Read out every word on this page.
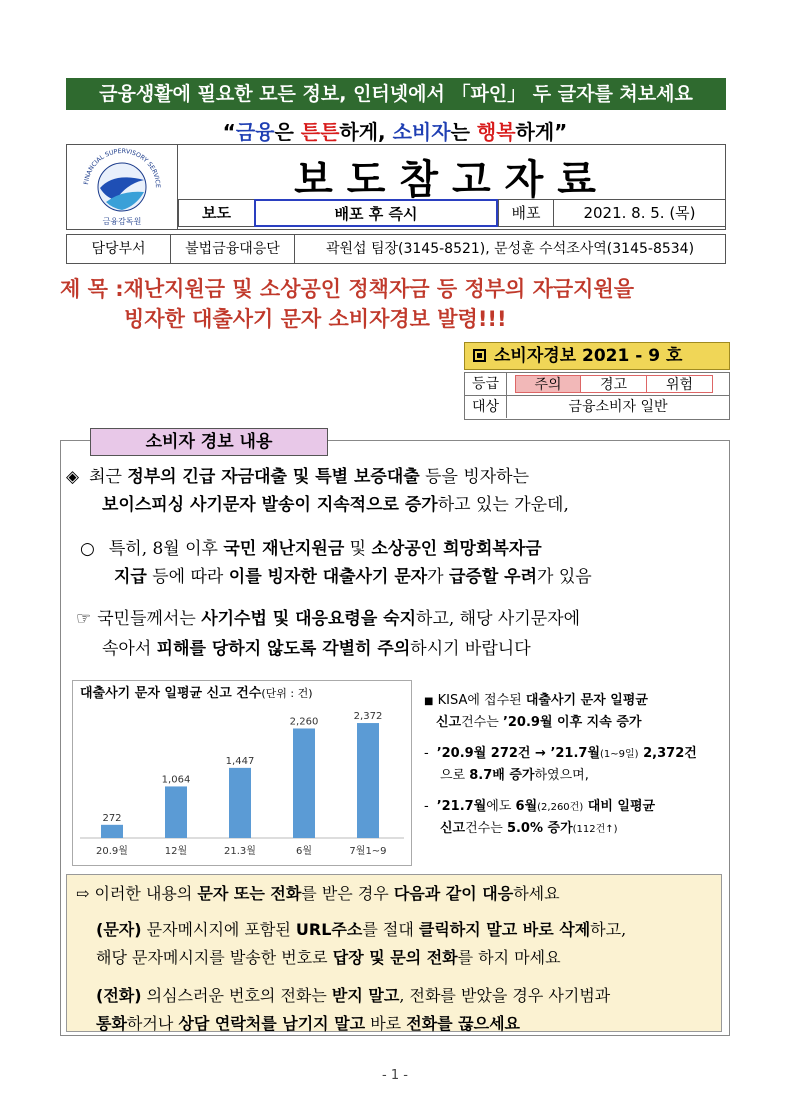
금융생활에 필요한 모든 정보, 인터넷에서 「파인」 두 글자를 쳐보세요
“금융은 튼튼하게, 소비자는 행복하게”
FINANCIAL SUPERVISORY SERVICE
금융감독원
보도참고자료
보도	배포 후 즉시	배포	2021. 8. 5. (목)
담당부서	불법금융대응단	곽원섭 팀장(3145-8521), 문성훈 수석조사역(3145-8534)
제 목 :재난지원금 및 소상공인 정책자금 등 정부의 자금지원을
빙자한 대출사기 문자 소비자경보 발령!!!
소비자경보 2021 - 9 호
등급	주의	경고	위험
대상	금융소비자 일반
소비자 경보 내용
◈ 최근 정부의 긴급 자금대출 및 특별 보증대출 등을 빙자하는
보이스피싱 사기문자 발송이 지속적으로 증가하고 있는 가운데,
○ 특히, 8월 이후 국민 재난지원금 및 소상공인 희망회복자금
지급 등에 따라 이를 빙자한 대출사기 문자가 급증할 우려가 있음
☞ 국민들께서는 사기수법 및 대응요령을 숙지하고, 해당 사기문자에
속아서 피해를 당하지 않도록 각별히 주의하시기 바랍니다
대출사기 문자 일평균 신고 건수(단위 : 건)
272
20.9월
1,064
12월
1,447
21.3월
2,260
6월
2,372
7월1~9
■ KISA에 접수된 대출사기 문자 일평균
신고건수는 ’20.9월 이후 지속 증가
- ’20.9월 272건 → ’21.7월(1~9일) 2,372건
으로 8.7배 증가하였으며,
- ’21.7월에도 6월(2,260건) 대비 일평균
신고건수는 5.0% 증가(112건↑)
⇨ 이러한 내용의 문자 또는 전화를 받은 경우 다음과 같이 대응하세요
(문자) 문자메시지에 포함된 URL주소를 절대 클릭하지 말고 바로 삭제하고,
해당 문자메시지를 발송한 번호로 답장 및 문의 전화를 하지 마세요
(전화) 의심스러운 번호의 전화는 받지 말고, 전화를 받았을 경우 사기범과
통화하거나 상담 연락처를 남기지 말고 바로 전화를 끊으세요
- 1 -
